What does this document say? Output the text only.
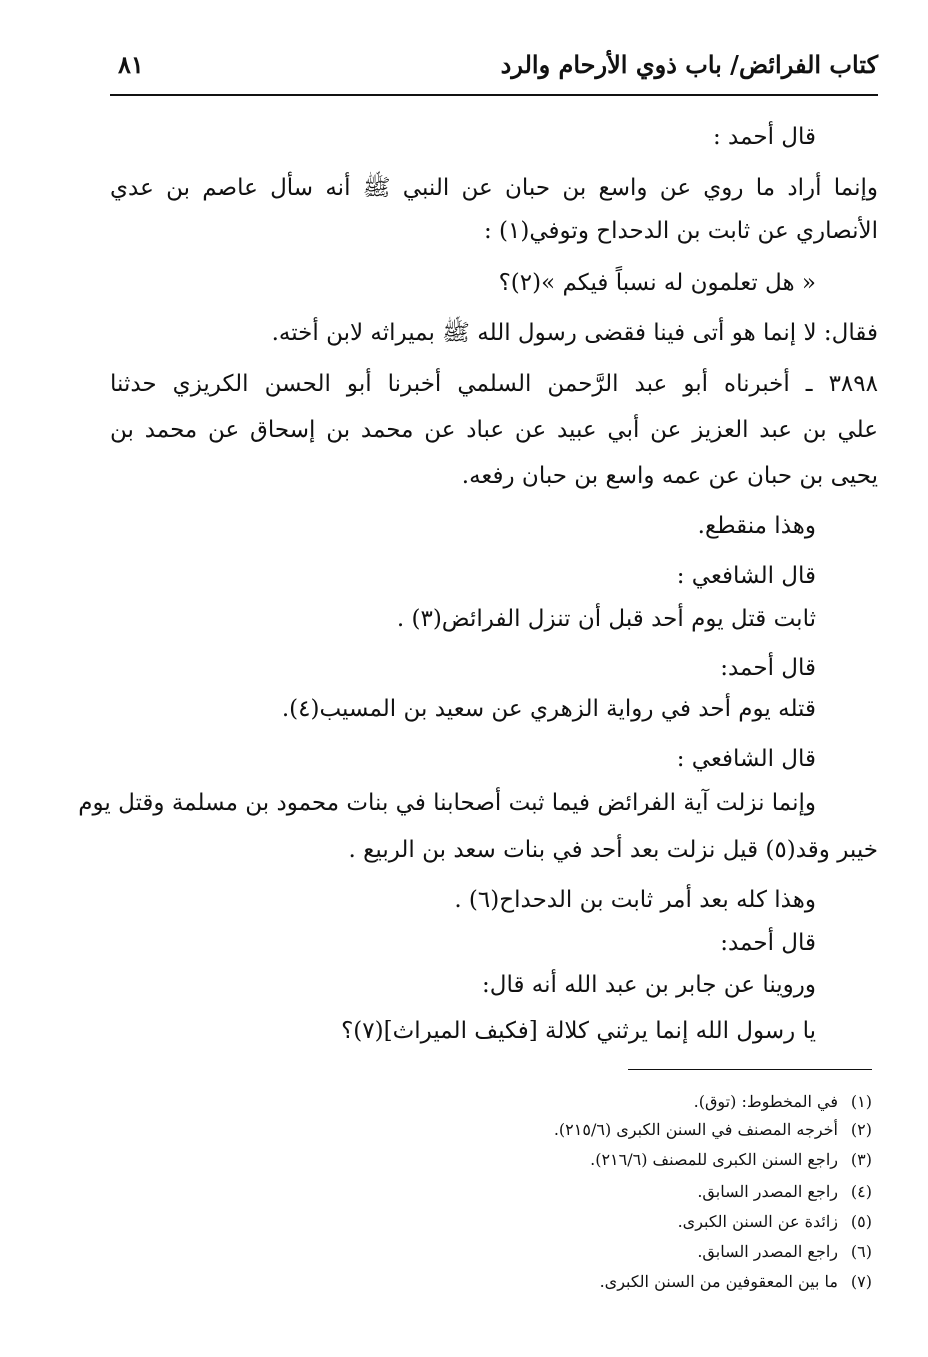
كتاب الفرائض/ باب ذوي الأرحام والرد
٨١
قال أحمد :
وإنما أراد ما روي عن واسع بن حبان عن النبي ﷺ أنه سأل عاصم بن عدي
الأنصاري عن ثابت بن الدحداح وتوفي(١) :
« هل تعلمون له نسباً فيكم »(٢)؟
فقال: لا إنما هو أتى فينا فقضى رسول الله ﷺ بميراثه لابن أخته.
٣٨٩٨ ـ أخبرناه أبو عبد الرَّحمن السلمي أخبرنا أبو الحسن الكريزي حدثنا
علي بن عبد العزيز عن أبي عبيد عن عباد عن محمد بن إسحاق عن محمد بن
يحيى بن حبان عن عمه واسع بن حبان رفعه.
وهذا منقطع.
قال الشافعي :
ثابت قتل يوم أحد قبل أن تنزل الفرائض(٣) .
قال أحمد:
قتله يوم أحد في رواية الزهري عن سعيد بن المسيب(٤).
قال الشافعي :
وإنما نزلت آية الفرائض فيما ثبت أصحابنا في بنات محمود بن مسلمة وقتل يوم
خيبر وقد(٥) قيل نزلت بعد أحد في بنات سعد بن الربيع .
وهذا كله بعد أمر ثابت بن الدحداح(٦) .
قال أحمد:
وروينا عن جابر بن عبد الله أنه قال:
يا رسول الله إنما يرثني كلالة [فكيف الميراث](٧)؟
(١)في المخطوط: (توق).
(٢)أخرجه المصنف في السنن الكبرى (٢١٥/٦).
(٣)راجع السنن الكبرى للمصنف (٢١٦/٦).
(٤)راجع المصدر السابق.
(٥)زائدة عن السنن الكبرى.
(٦)راجع المصدر السابق.
(٧)ما بين المعقوفين من السنن الكبرى.
